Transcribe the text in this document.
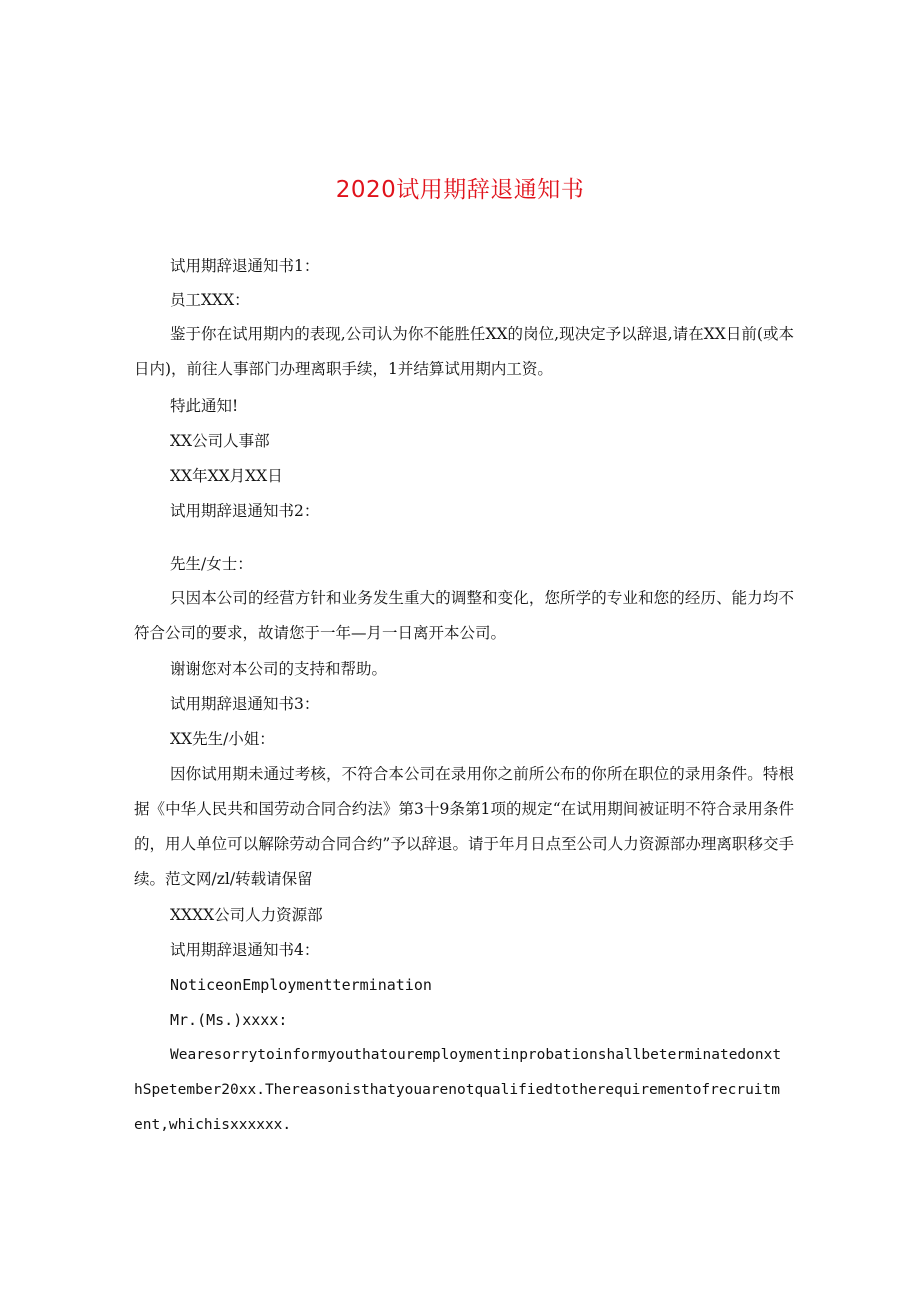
2020试用期辞退通知书
试用期辞退通知书1：
员工XXX：
鉴于你在试用期内的表现,公司认为你不能胜任XX的岗位,现决定予以辞退,请在XX日前(或本日内)，前往人事部门办理离职手续，1并结算试用期内工资。
特此通知!
XX公司人事部
XX年XX月XX日
试用期辞退通知书2：
先生/女士：
只因本公司的经营方针和业务发生重大的调整和变化，您所学的专业和您的经历、能力均不符合公司的要求，故请您于一年—月一日离开本公司。
谢谢您对本公司的支持和帮助。
试用期辞退通知书3：
XX先生/小姐：
因你试用期未通过考核，不符合本公司在录用你之前所公布的你所在职位的录用条件。特根据《中华人民共和国劳动合同合约法》第3十9条第1项的规定“在试用期间被证明不符合录用条件的，用人单位可以解除劳动合同合约”予以辞退。请于年月日点至公司人力资源部办理离职移交手续。范文网/zl/转载请保留
XXXX公司人力资源部
试用期辞退通知书4：
NoticeonEmploymenttermination
Mr.(Ms.)xxxx:
WearesorrytoinformyouthatouremploymentinprobationshallbeterminatedonxthSpetember20xx.Thereasonisthatyouarenotqualifiedtotherequirementofrecruitment,whichisxxxxxx.
